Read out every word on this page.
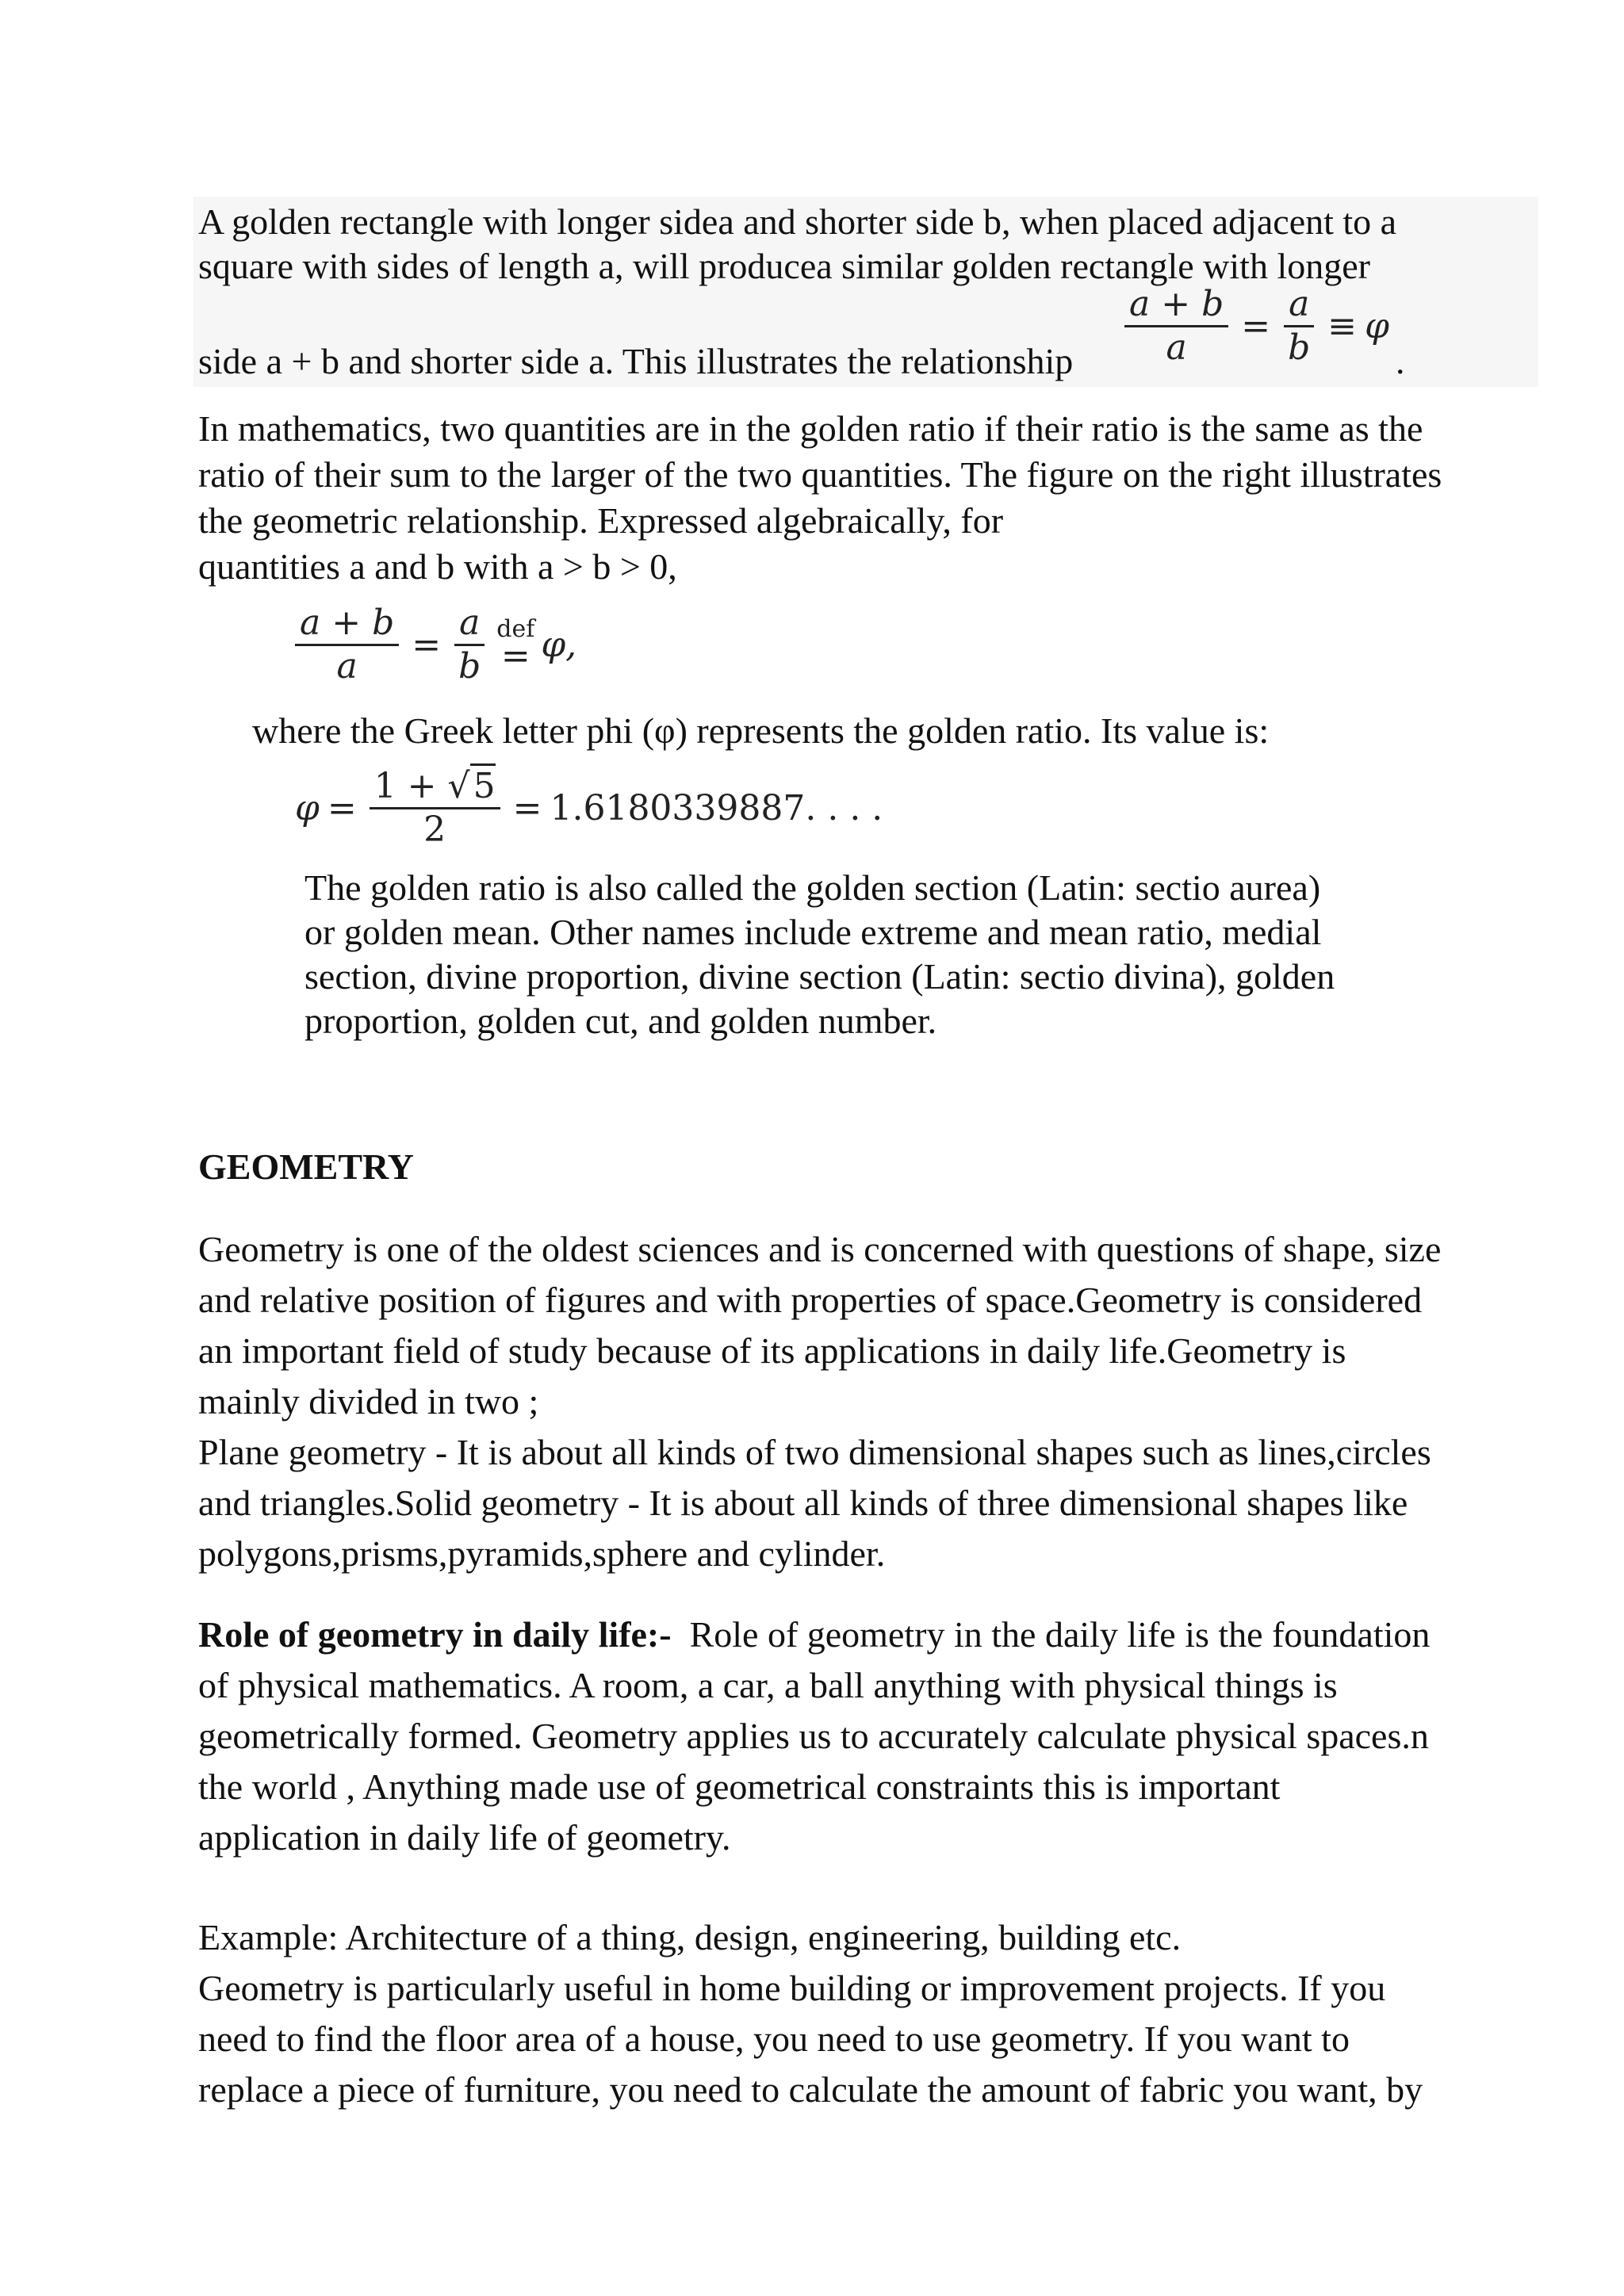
A golden rectangle with longer sidea and shorter side b, when placed adjacent to a
square with sides of length a, will producea similar golden rectangle with longer
side a + b and shorter side a. This illustrates the relationship $\frac{a + b}{a} = \frac{a}{b} \equiv \varphi$
.
In mathematics, two quantities are in the golden ratio if their ratio is the same as the
ratio of their sum to the larger of the two quantities. The figure on the right illustrates
the geometric relationship. Expressed algebraically, for
quantities a and b with a > b > 0,
$\frac{a + b}{a} = \frac{a}{b}$ def
= φ,
where the Greek letter phi (φ) represents the golden ratio. Its value is:
$\varphi = \frac{1 + √5}{2} = 1.6180339887$. . . .
The golden ratio is also called the golden section (Latin: sectio aurea)
or golden mean. Other names include extreme and mean ratio, medial
section, divine proportion, divine section (Latin: sectio divina), golden
proportion, golden cut, and golden number.
GEOMETRY
Geometry is one of the oldest sciences and is concerned with questions of shape, size
and relative position of figures and with properties of space.Geometry is considered
an important field of study because of its applications in daily life.Geometry is
mainly divided in two ;
Plane geometry - It is about all kinds of two dimensional shapes such as lines,circles
and triangles.Solid geometry - It is about all kinds of three dimensional shapes like
polygons,prisms,pyramids,sphere and cylinder.
Role of geometry in daily life:-  Role of geometry in the daily life is the foundation
of physical mathematics. A room, a car, a ball anything with physical things is
geometrically formed. Geometry applies us to accurately calculate physical spaces.n
the world , Anything made use of geometrical constraints this is important
application in daily life of geometry.
Example: Architecture of a thing, design, engineering, building etc.
Geometry is particularly useful in home building or improvement projects. If you
need to find the floor area of a house, you need to use geometry. If you want to
replace a piece of furniture, you need to calculate the amount of fabric you want, by
